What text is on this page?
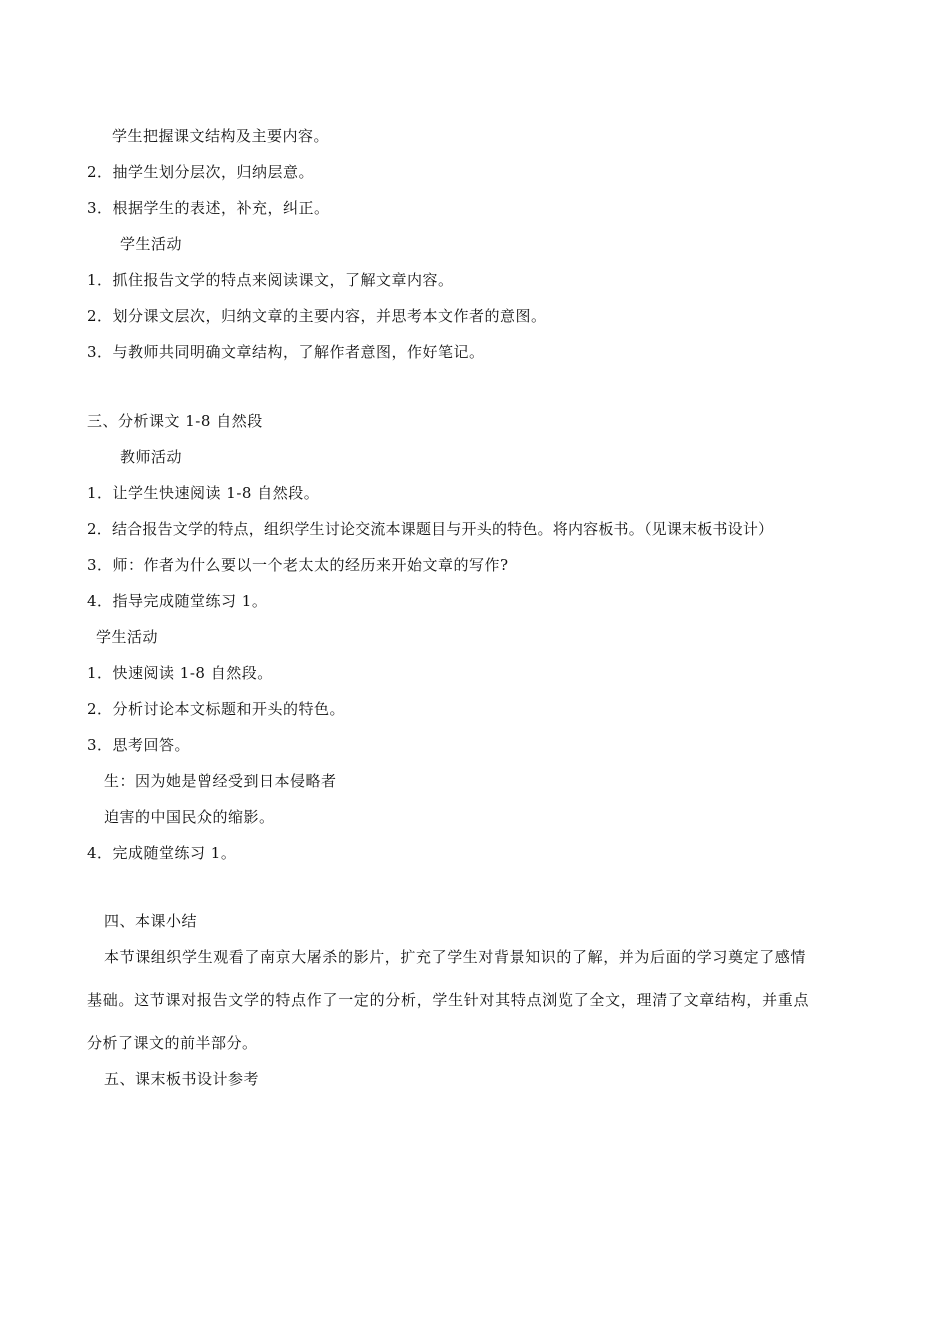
学生把握课文结构及主要内容。
2．抽学生划分层次，归纳层意。
3．根据学生的表述，补充，纠正。
学生活动
1．抓住报告文学的特点来阅读课文，了解文章内容。
2．划分课文层次，归纳文章的主要内容，并思考本文作者的意图。
3．与教师共同明确文章结构，了解作者意图，作好笔记。
三、分析课文 1-8 自然段
教师活动
1．让学生快速阅读 1-8 自然段。
2．结合报告文学的特点，组织学生讨论交流本课题目与开头的特色。将内容板书。（见课末板书设计）
3．师：作者为什么要以一个老太太的经历来开始文章的写作?
4．指导完成随堂练习 1。
学生活动
1．快速阅读 1-8 自然段。
2．分析讨论本文标题和开头的特色。
3．思考回答。
生：因为她是曾经受到日本侵略者
迫害的中国民众的缩影。
4．完成随堂练习 1。
四、本课小结
本节课组织学生观看了南京大屠杀的影片，扩充了学生对背景知识的了解，并为后面的学习奠定了感情
基础。这节课对报告文学的特点作了一定的分析，学生针对其特点浏览了全文，理清了文章结构，并重点
分析了课文的前半部分。
五、课末板书设计参考
